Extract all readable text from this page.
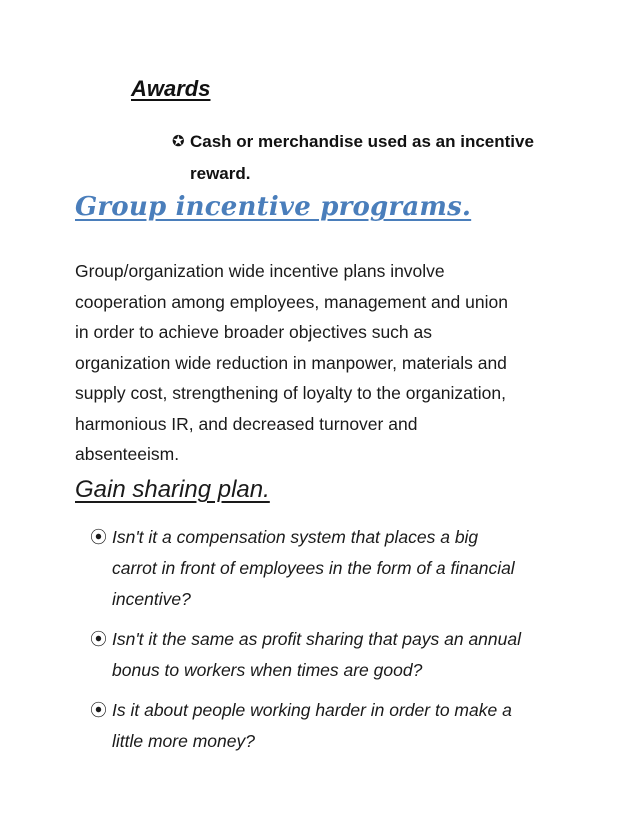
Awards
✪ Cash or merchandise used as an incentive
reward.
Group incentive programs.

Group/organization wide incentive plans involve
cooperation among employees, management and union
in order to achieve broader objectives such as
organization wide reduction in manpower, materials and
supply cost, strengthening of loyalty to the organization,
harmonious IR, and decreased turnover and
absenteeism.

Gain sharing plan.
⦿ Isn't it a compensation system that places a big
carrot in front of employees in the form of a financial
incentive?
⦿ Isn't it the same as profit sharing that pays an annual
bonus to workers when times are good?
⦿ Is it about people working harder in order to make a
little more money?
